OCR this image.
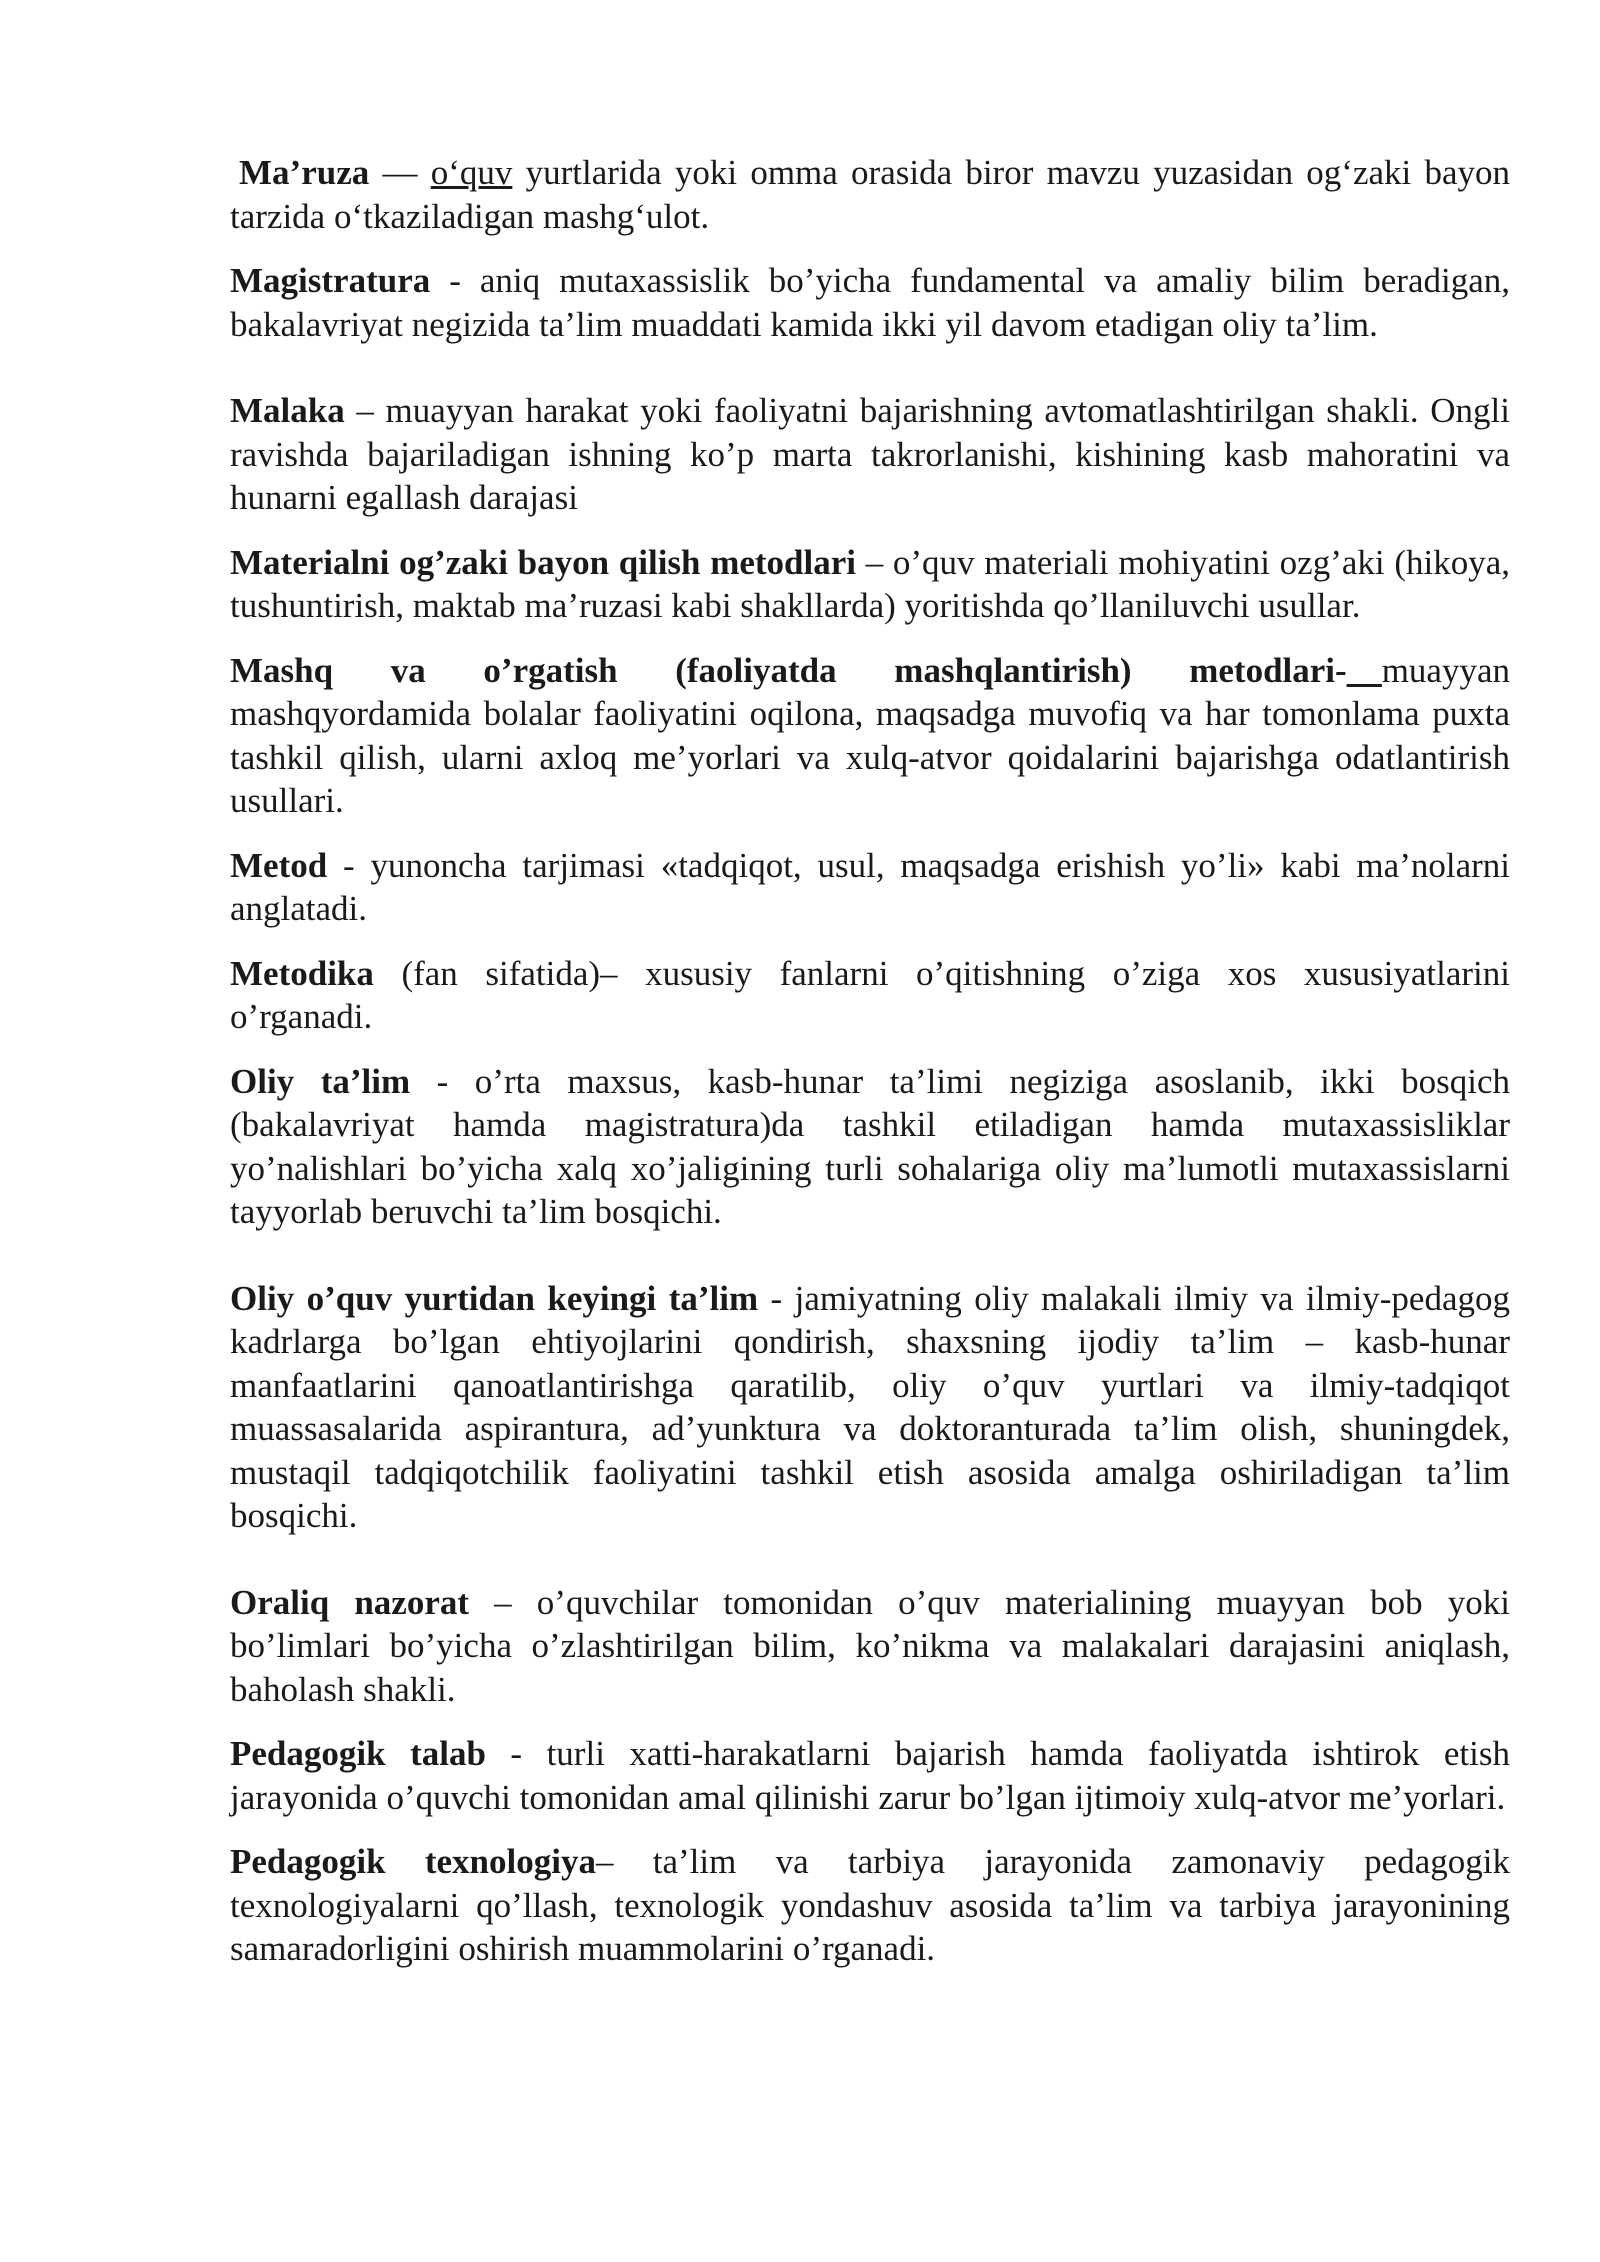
Ma’ruza — o‘quv yurtlarida yoki omma orasida biror mavzu yuzasidan og‘zaki bayon tarzida o‘tkaziladigan mashg‘ulot.

Magistratura - aniq mutaxassislik bo’yicha fundamental va amaliy bilim beradigan, bakalavriyat negizida ta’lim muaddati kamida ikki yil davom etadigan oliy ta’lim.

Malaka – muayyan harakat yoki faoliyatni bajarishning avtomatlashtirilgan shakli. Ongli ravishda bajariladigan ishning ko’p marta takrorlanishi, kishining kasb mahoratini va hunarni egallash darajasi

Materialni og’zaki bayon qilish metodlari – o’quv materiali mohiyatini ozg’aki (hikoya, tushuntirish, maktab ma’ruzasi kabi shakllarda) yoritishda qo’llaniluvchi usullar.

Mashq va o’rgatish (faoliyatda mashqlantirish) metodlari-__muayyan mashqyordamida bolalar faoliyatini oqilona, maqsadga muvofiq va har tomonlama puxta tashkil qilish, ularni axloq me’yorlari va xulq-atvor qoidalarini bajarishga odatlantirish usullari.

Metod - yunoncha tarjimasi «tadqiqot, usul, maqsadga erishish yo’li» kabi ma’nolarni anglatadi.

Metodika (fan sifatida)– xususiy fanlarni o’qitishning o’ziga xos xususiyatlarini o’rganadi.

Oliy ta’lim - o’rta maxsus, kasb-hunar ta’limi negiziga asoslanib, ikki bosqich (bakalavriyat hamda magistratura)da tashkil etiladigan hamda mutaxassisliklar yo’nalishlari bo’yicha xalq xo’jaligining turli sohalariga oliy ma’lumotli mutaxassislarni tayyorlab beruvchi ta’lim bosqichi.

Oliy o’quv yurtidan keyingi ta’lim - jamiyatning oliy malakali ilmiy va ilmiy-pedagog kadrlarga bo’lgan ehtiyojlarini qondirish, shaxsning ijodiy ta’lim – kasb-hunar manfaatlarini qanoatlantirishga qaratilib, oliy o’quv yurtlari va ilmiy-tadqiqot muassasalarida aspirantura, ad’yunktura va doktoranturada ta’lim olish, shuningdek, mustaqil tadqiqotchilik faoliyatini tashkil etish asosida amalga oshiriladigan ta’lim bosqichi.

Oraliq nazorat – o’quvchilar tomonidan o’quv materialining muayyan bob yoki bo’limlari bo’yicha o’zlashtirilgan bilim, ko’nikma va malakalari darajasini aniqlash, baholash shakli.

Pedagogik talab - turli xatti-harakatlarni bajarish hamda faoliyatda ishtirok etish jarayonida o’quvchi tomonidan amal qilinishi zarur bo’lgan ijtimoiy xulq-atvor me’yorlari.

Pedagogik texnologiya– ta’lim va tarbiya jarayonida zamonaviy pedagogik texnologiyalarni qo’llash, texnologik yondashuv asosida ta’lim va tarbiya jarayonining samaradorligini oshirish muammolarini o’rganadi.
